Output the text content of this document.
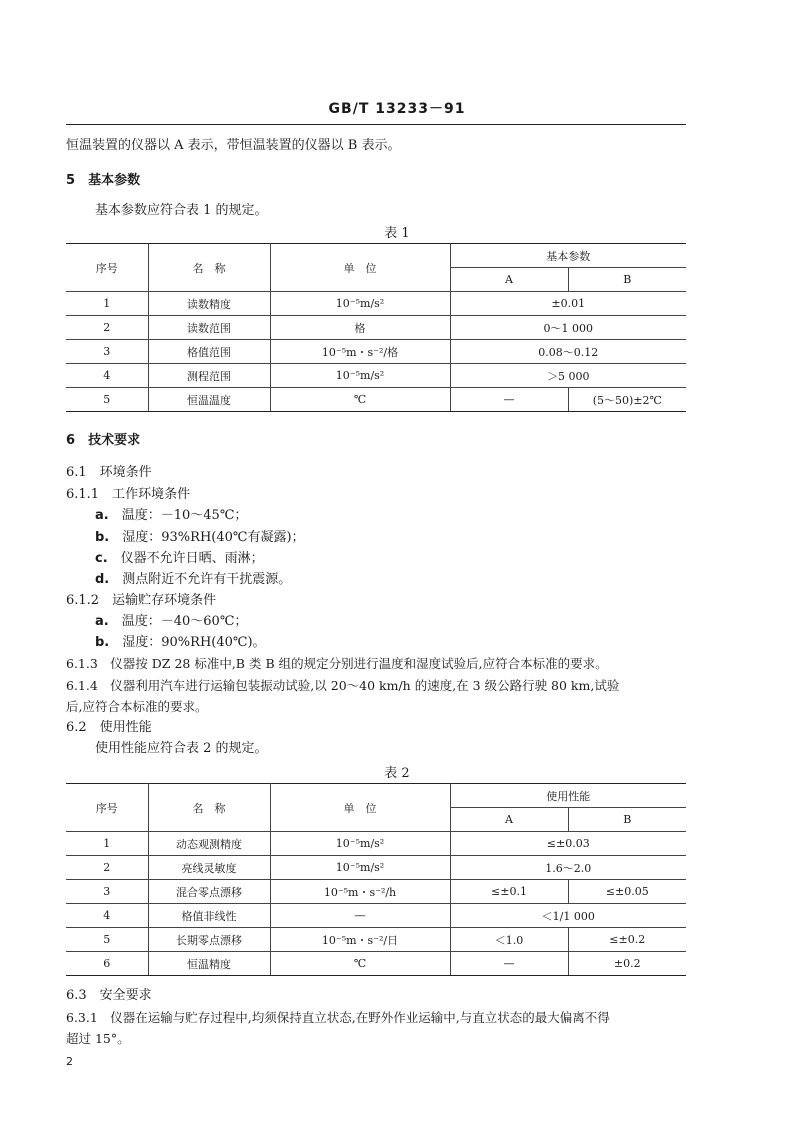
GB/T 13233－91
恒温装置的仪器以 A 表示，带恒温装置的仪器以 B 表示。
5　 基本参数
基本参数应符合表 1 的规定。
表 1
序号	名　称	单　位	基本参数	
			A	B
1	读数精度	10⁻⁵m/s²	±0.01	
2	读数范围	格	0～1 000	
3	格值范围	10⁻⁵m・s⁻²/格	0.08～0.12	
4	测程范围	10⁻⁵m/s²	＞5 000	
5	恒温温度	℃	—	(5～50)±2℃
6　 技术要求
6.1　环境条件
6.1.1　工作环境条件
a.　 温度：－10～45℃；
b.　 湿度：93%RH(40℃有凝露)；
c.　 仪器不允许日晒、雨淋；
d.　 测点附近不允许有干扰震源。
6.1.2　运输贮存环境条件
a.　 温度：－40～60℃；
b.　 湿度：90%RH(40℃)。
6.1.3　仪器按 DZ 28 标准中,B 类 B 组的规定分别进行温度和湿度试验后,应符合本标准的要求。
6.1.4　仪器利用汽车进行运输包装振动试验,以 20～40 km/h 的速度,在 3 级公路行驶 80 km,试验
后,应符合本标准的要求。
6.2　使用性能
使用性能应符合表 2 的规定。
表 2
序号	名　称	单　位	使用性能	
			A	B
1	动态观测精度	10⁻⁵m/s²	≤±0.03	
2	亮线灵敏度	10⁻⁵m/s²	1.6～2.0	
3	混合零点漂移	10⁻⁵m・s⁻²/h	≤±0.1	≤±0.05
4	格值非线性	—	＜1/1 000	
5	长期零点漂移	10⁻⁵m・s⁻²/日	＜1.0	≤±0.2
6	恒温精度	℃	—	±0.2
6.3　安全要求
6.3.1　仪器在运输与贮存过程中,均须保持直立状态,在野外作业运输中,与直立状态的最大偏离不得
超过 15°。
2
